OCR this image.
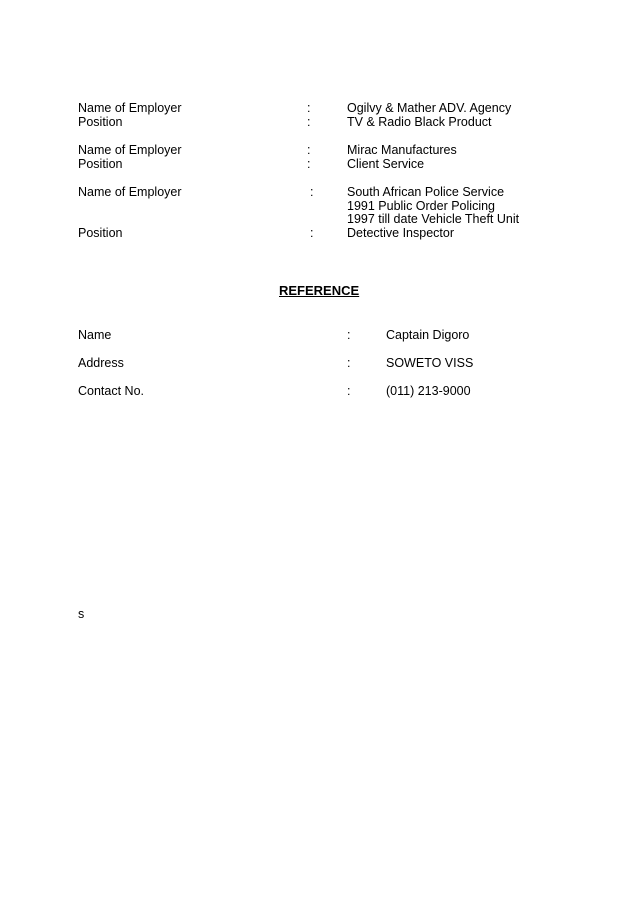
Name of Employer	:	Ogilvy & Mather ADV. Agency
Position	:	TV & Radio Black Product
Name of Employer	:	Mirac Manufactures
Position	:	Client Service
Name of Employer	:	South African Police Service
1991 Public Order Policing
1997 till date Vehicle Theft Unit
Position	:	Detective Inspector
REFERENCE
Name	:	Captain Digoro
Address	:	SOWETO VISS
Contact No.	:	(011) 213-9000
s
